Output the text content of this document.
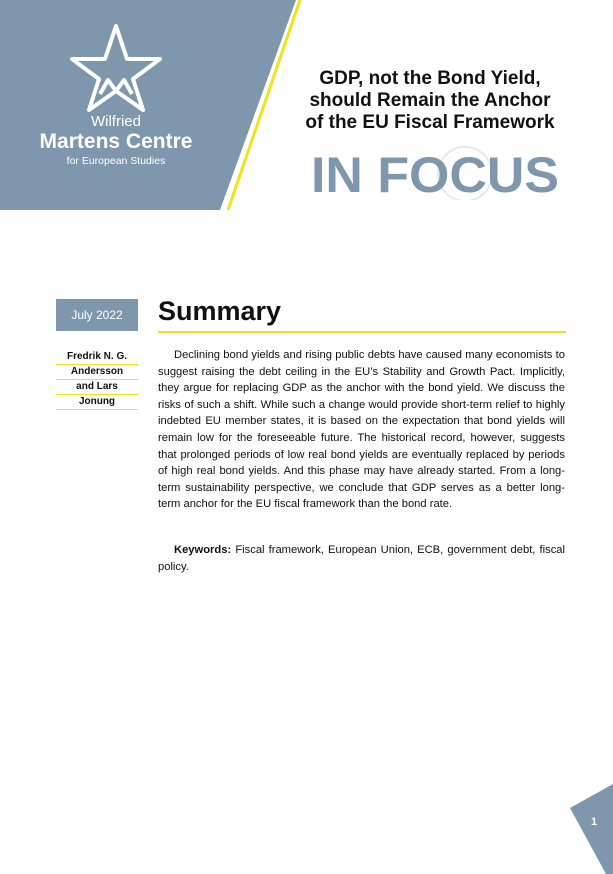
Wilfried
Martens Centre
for European Studies
GDP, not the Bond Yield,
should Remain the Anchor
of the EU Fiscal Framework
IN FOCUS
July 2022
Fredrik N. G.
Andersson
and Lars
Jonung
Summary

Declining bond yields and rising public debts have caused many economists to suggest raising the debt ceiling in the EU’s Stability and Growth Pact. Implicitly, they argue for replacing GDP as the anchor with the bond yield. We discuss the risks of such a shift. While such a change would provide short-term relief to highly indebted EU member states, it is based on the expectation that bond yields will remain low for the foreseeable future. The historical record, however, suggests that prolonged periods of low real bond yields are eventually replaced by periods of high real bond yields. And this phase may have already started. From a long-term sustainability perspective, we conclude that GDP serves as a better long-term anchor for the EU fiscal framework than the bond rate.

Keywords: Fiscal framework, European Union, ECB, government debt, fiscal policy.

1
